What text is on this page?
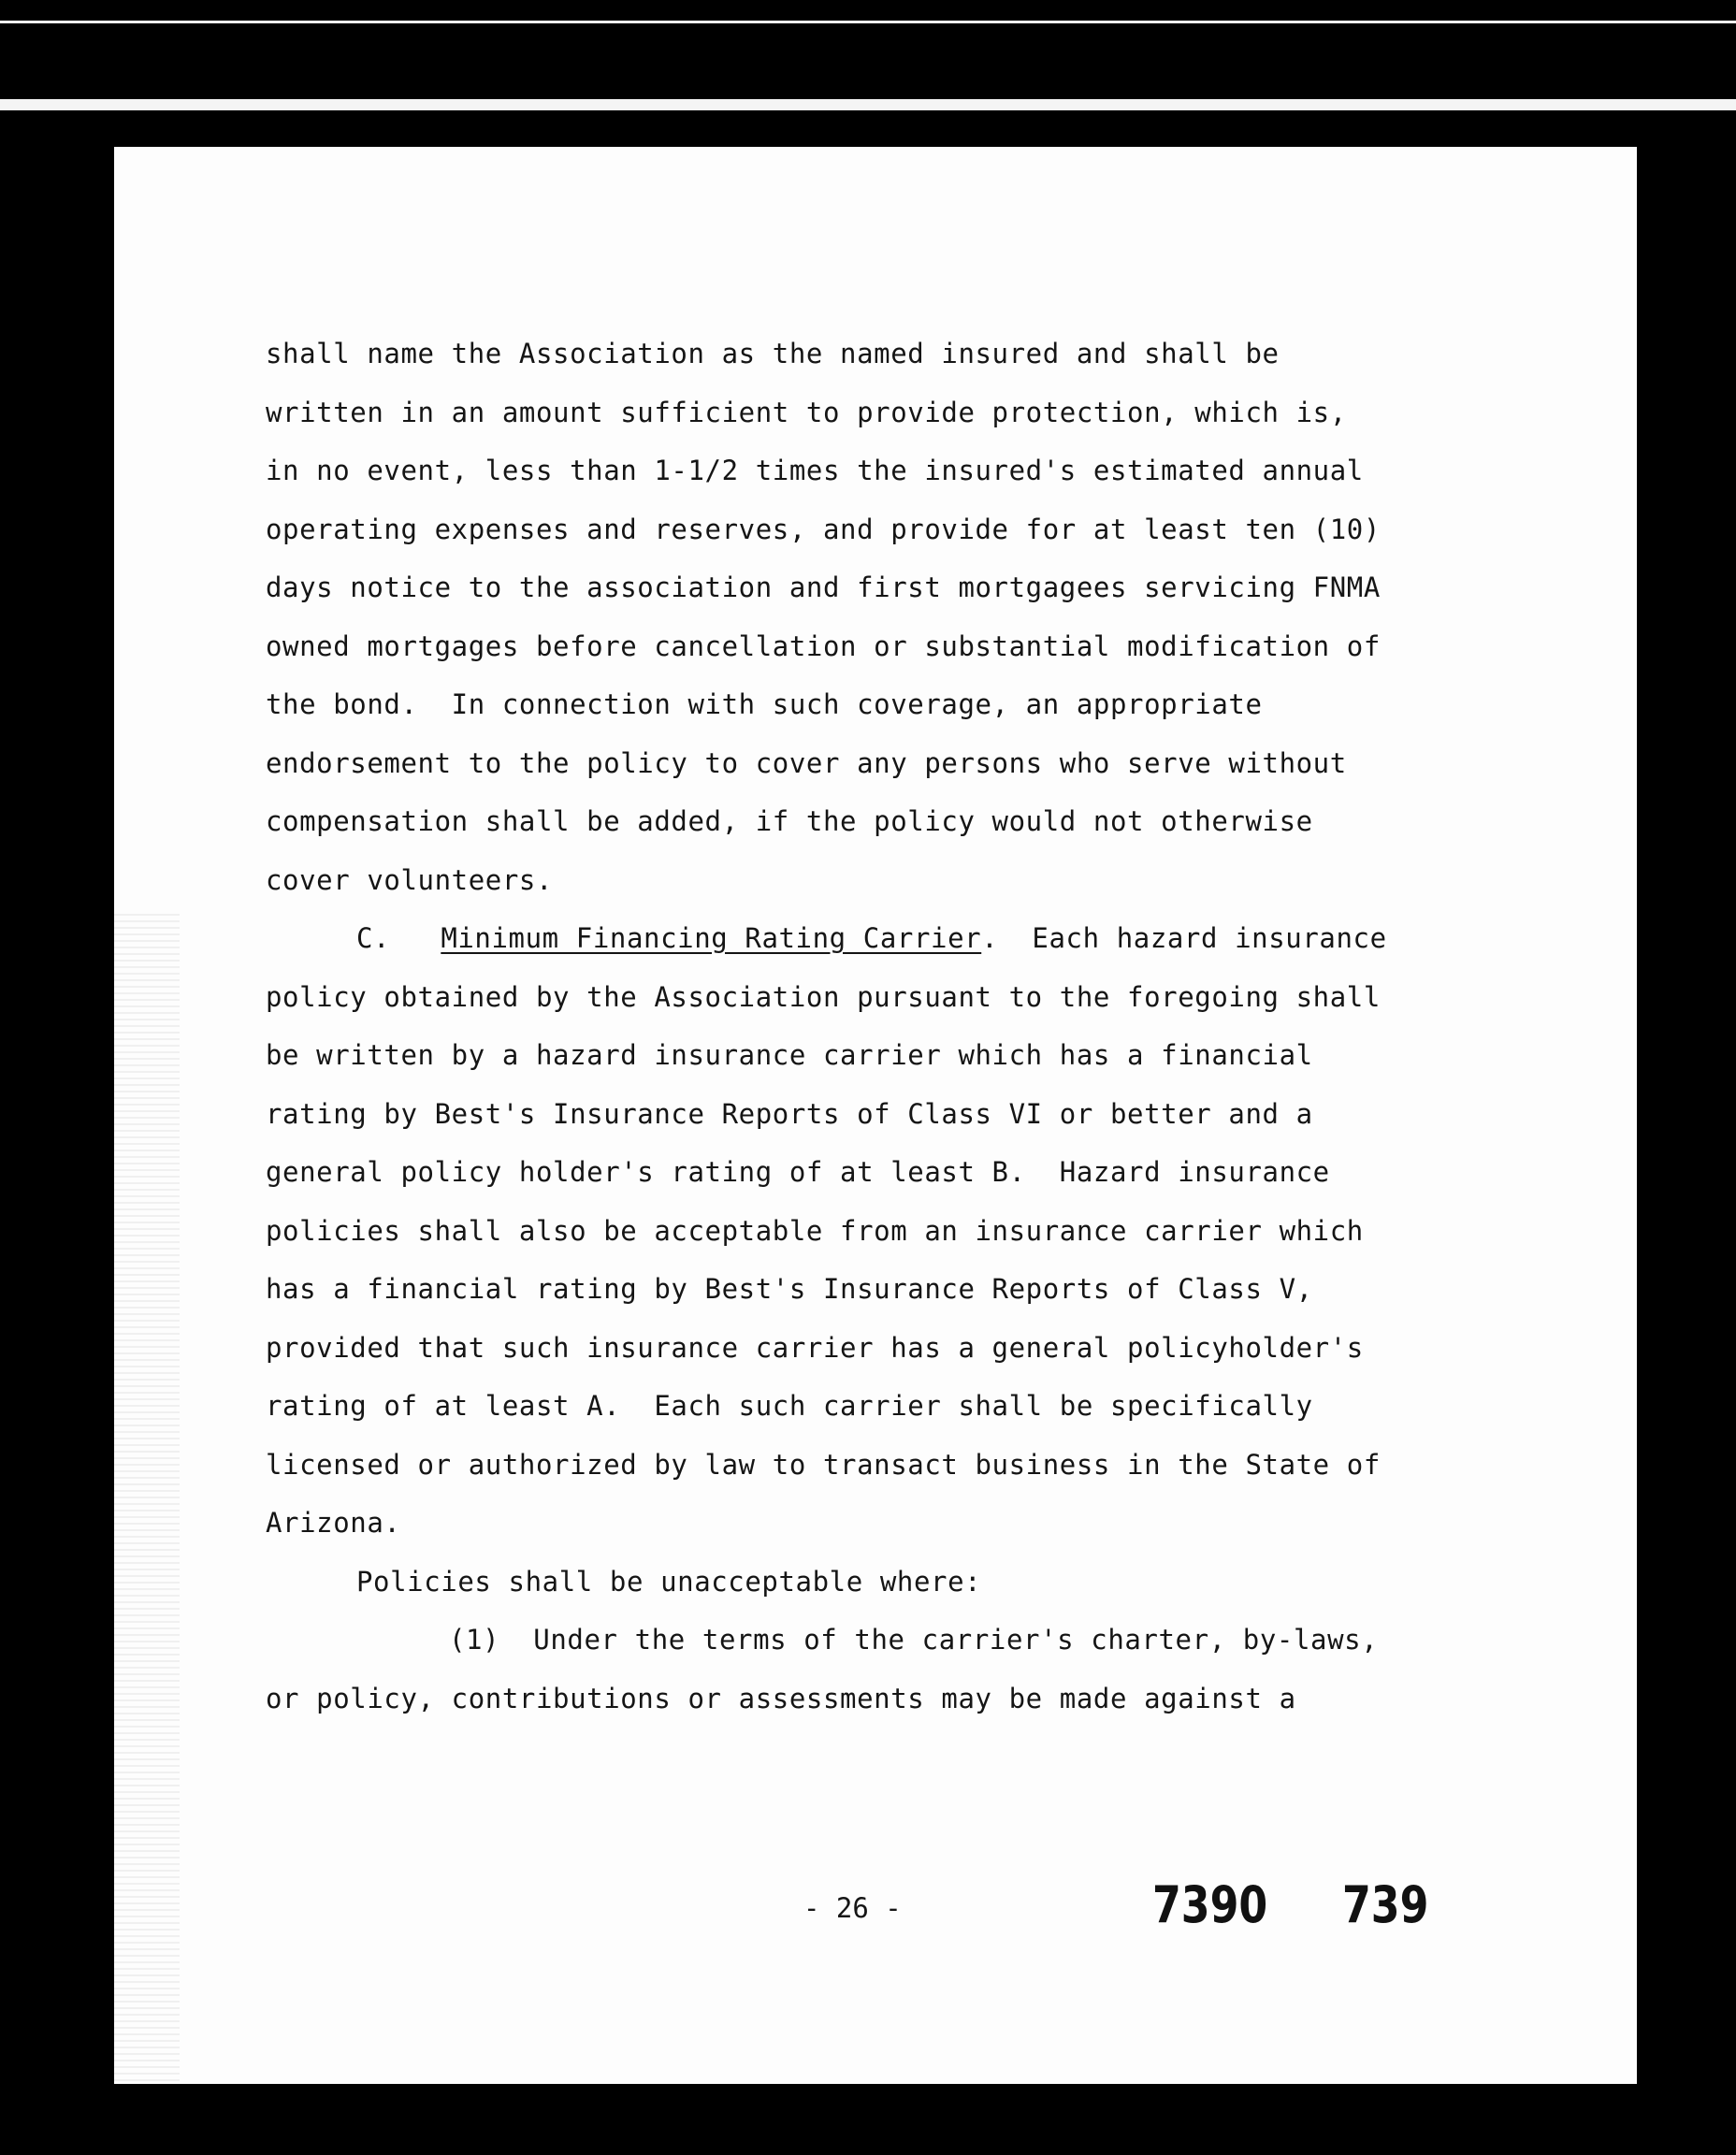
shall name the Association as the named insured and shall be
written in an amount sufficient to provide protection, which is,
in no event, less than 1-1/2 times the insured's estimated annual
operating expenses and reserves, and provide for at least ten (10)
days notice to the association and first mortgagees servicing FNMA
owned mortgages before cancellation or substantial modification of
the bond.  In connection with such coverage, an appropriate
endorsement to the policy to cover any persons who serve without
compensation shall be added, if the policy would not otherwise
cover volunteers.
C. Minimum Financing Rating Carrier.  Each hazard insurance
policy obtained by the Association pursuant to the foregoing shall
be written by a hazard insurance carrier which has a financial
rating by Best's Insurance Reports of Class VI or better and a
general policy holder's rating of at least B.  Hazard insurance
policies shall also be acceptable from an insurance carrier which
has a financial rating by Best's Insurance Reports of Class V,
provided that such insurance carrier has a general policyholder's
rating of at least A.  Each such carrier shall be specifically
licensed or authorized by law to transact business in the State of
Arizona.
Policies shall be unacceptable where:
(1)  Under the terms of the carrier's charter, by-laws,
or policy, contributions or assessments may be made against a
- 26 -	7390 739
